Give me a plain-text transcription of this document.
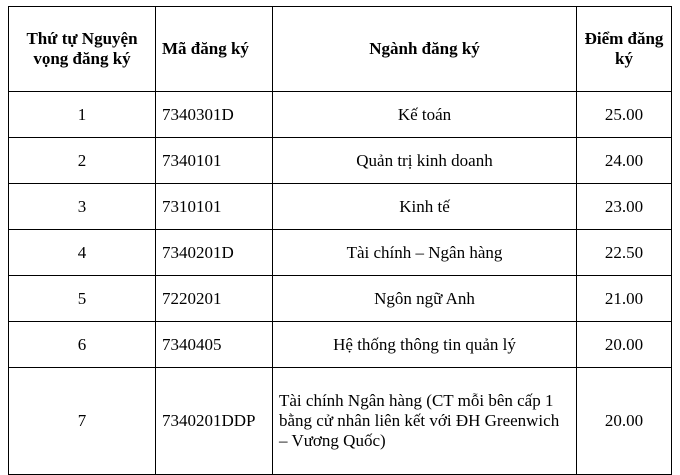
Thứ tự Nguyện vọng đăng ký	Mã đăng ký	Ngành đăng ký	Điểm đăng ký
1	7340301D	Kế toán	25.00
2	7340101	Quản trị kinh doanh	24.00
3	7310101	Kinh tế	23.00
4	7340201D	Tài chính – Ngân hàng	22.50
5	7220201	Ngôn ngữ Anh	21.00
6	7340405	Hệ thống thông tin quản lý	20.00
7	7340201DDP	Tài chính Ngân hàng (CT mỗi bên cấp 1 bằng cử nhân liên kết với ĐH Greenwich – Vương Quốc)	20.00
